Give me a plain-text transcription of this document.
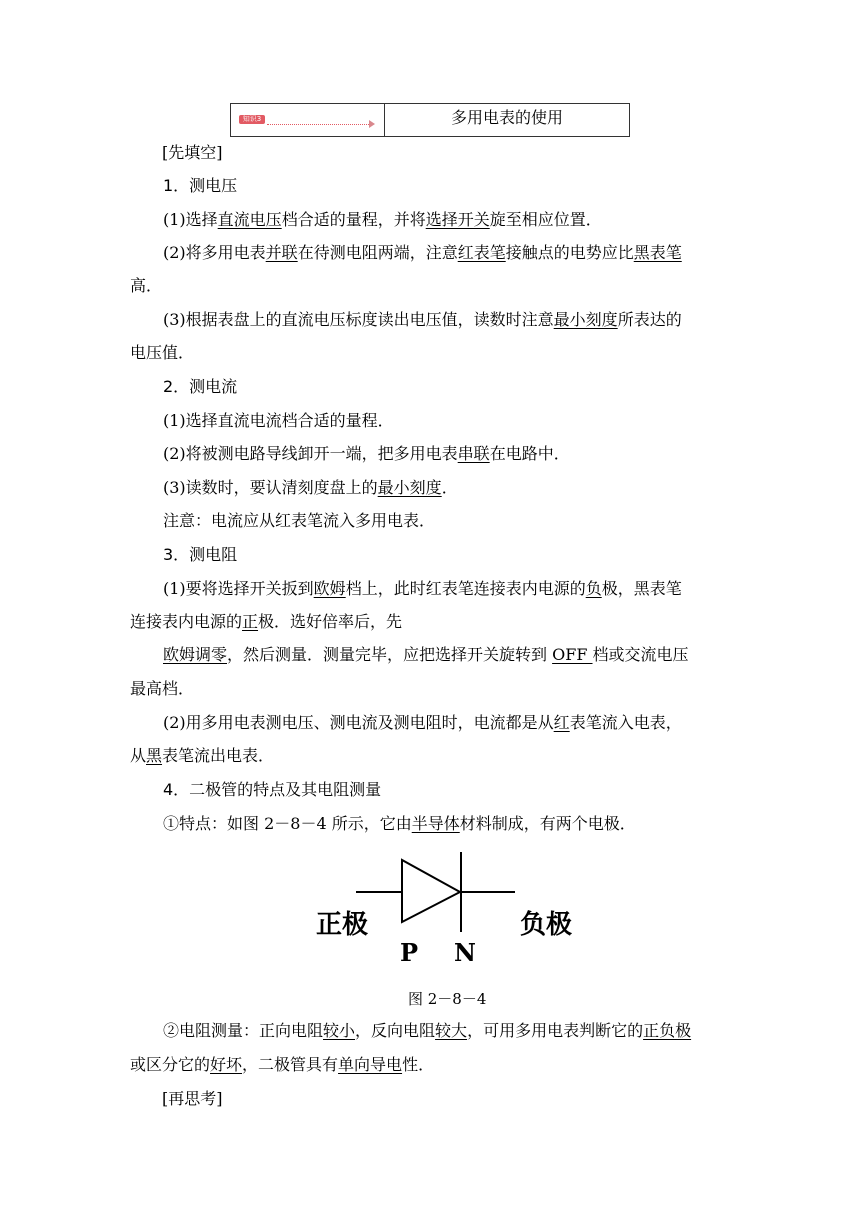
知识3	多用电表的使用
[先填空]
1．测电压
(1)选择直流电压档合适的量程，并将选择开关旋至相应位置．
(2)将多用电表并联在待测电阻两端，注意红表笔接触点的电势应比黑表笔
高．
(3)根据表盘上的直流电压标度读出电压值，读数时注意最小刻度所表达的
电压值．
2．测电流
(1)选择直流电流档合适的量程．
(2)将被测电路导线卸开一端，把多用电表串联在电路中．
(3)读数时，要认清刻度盘上的最小刻度．
注意：电流应从红表笔流入多用电表．
3．测电阻
(1)要将选择开关扳到欧姆档上，此时红表笔连接表内电源的负极，黑表笔
连接表内电源的正极．选好倍率后，先
欧姆调零，然后测量．测量完毕，应把选择开关旋转到 OFF 档或交流电压
最高档．
(2)用多用电表测电压、测电流及测电阻时，电流都是从红表笔流入电表，
从黑表笔流出电表．
4．二极管的特点及其电阻测量
①特点：如图 2－8－4 所示，它由半导体材料制成，有两个电极．
正极	负极
P N
图 2－8－4
②电阻测量：正向电阻较小，反向电阻较大，可用多用电表判断它的正负极
或区分它的好坏，二极管具有单向导电性．
[再思考]
